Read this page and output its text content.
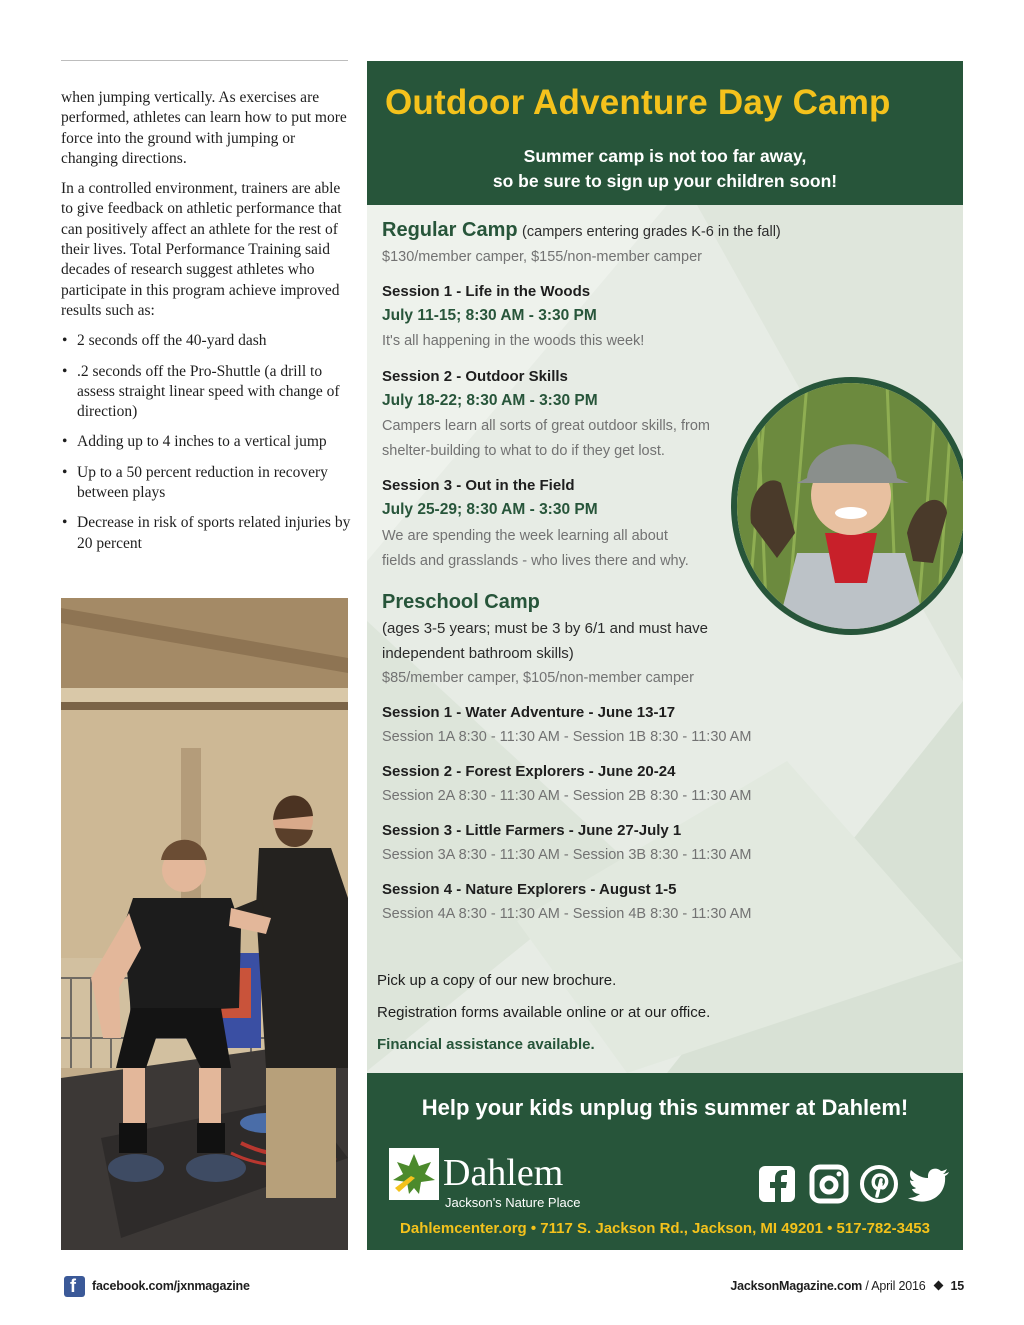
when jumping vertically. As exercises are performed, athletes can learn how to put more force into the ground with jumping or changing directions.

In a controlled environment, trainers are able to give feedback on athletic performance that can positively affect an athlete for the rest of their lives. Total Performance Training said decades of research suggest athletes who participate in this program achieve improved results such as:

• 2 seconds off the 40-yard dash
• .2 seconds off the Pro-Shuttle (a drill to assess straight linear speed with change of direction)
• Adding up to 4 inches to a vertical jump
• Up to a 50 percent reduction in recovery between plays
• Decrease in risk of sports related injuries by 20 percent
Outdoor Adventure Day Camp
Summer camp is not too far away,
so be sure to sign up your children soon!
Regular Camp (campers entering grades K-6 in the fall)
$130/member camper, $155/non-member camper
Session 1 - Life in the Woods
July 11-15; 8:30 AM - 3:30 PM
It's all happening in the woods this week!
Session 2 - Outdoor Skills
July 18-22; 8:30 AM - 3:30 PM
Campers learn all sorts of great outdoor skills, from
shelter-building to what to do if they get lost.
Session 3 - Out in the Field
July 25-29; 8:30 AM - 3:30 PM
We are spending the week learning all about
fields and grasslands - who lives there and why.
Preschool Camp
(ages 3-5 years; must be 3 by 6/1 and must have
independent bathroom skills)
$85/member camper, $105/non-member camper
Session 1 - Water Adventure - June 13-17
Session 1A 8:30 - 11:30 AM - Session 1B 8:30 - 11:30 AM
Session 2 - Forest Explorers - June 20-24
Session 2A 8:30 - 11:30 AM - Session 2B 8:30 - 11:30 AM
Session 3 - Little Farmers - June 27-July 1
Session 3A 8:30 - 11:30 AM - Session 3B 8:30 - 11:30 AM
Session 4 - Nature Explorers - August 1-5
Session 4A 8:30 - 11:30 AM - Session 4B 8:30 - 11:30 AM
Pick up a copy of our new brochure.
Registration forms available online or at our office.
Financial assistance available.
Help your kids unplug this summer at Dahlem!
Dahlem
Jackson's Nature Place
Dahlemcenter.org • 7117 S. Jackson Rd., Jackson, MI 49201 • 517-782-3453
f facebook.com/jxnmagazine	JacksonMagazine.com / April 2016 15
